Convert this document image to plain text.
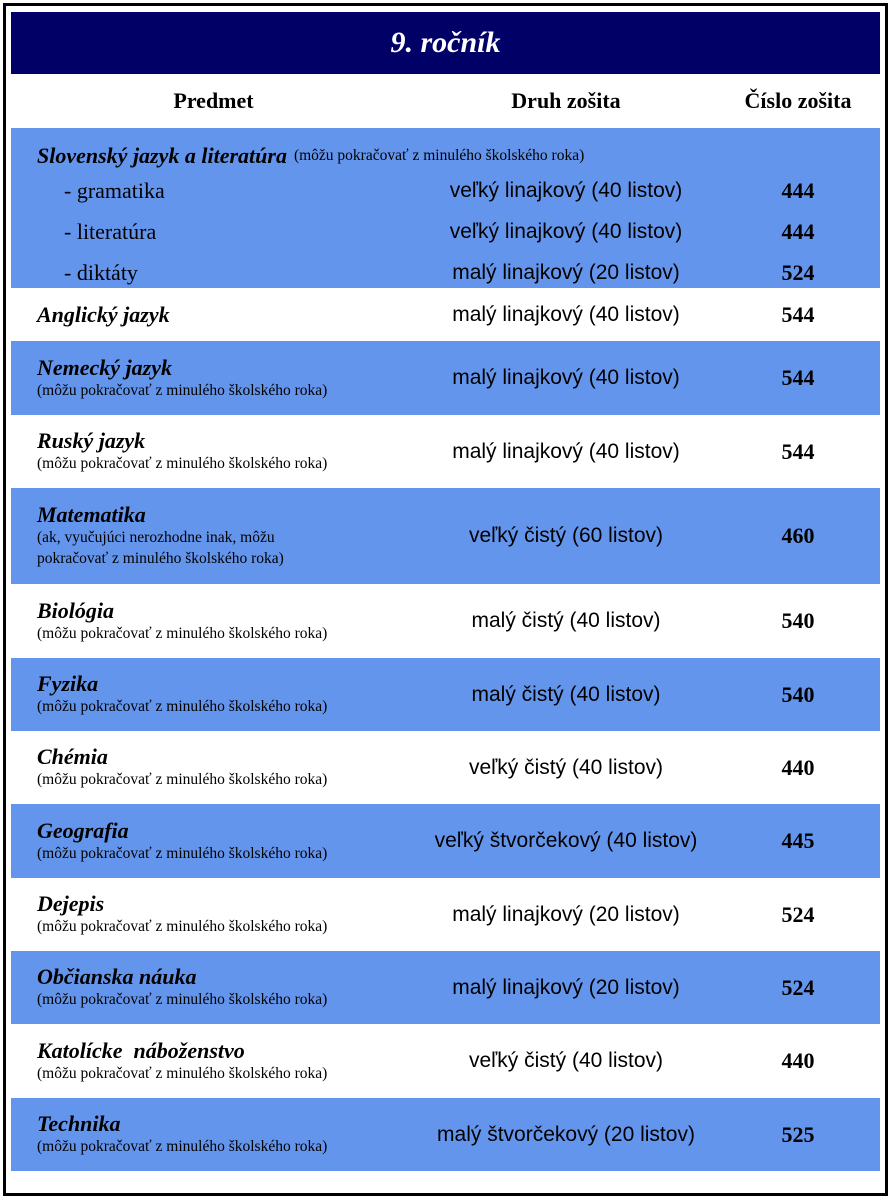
9. ročník
Predmet	Druh zošita	Číslo zošita
Slovenský jazyk a literatúra (môžu pokračovať z minulého školského roka)
- gramatika	veľký linajkový (40 listov)	444
- literatúra	veľký linajkový (40 listov)	444
- diktáty	malý linajkový (20 listov)	524
Anglický jazyk	malý linajkový (40 listov)	544
Nemecký jazyk
(môžu pokračovať z minulého školského roka)
malý linajkový (40 listov)	544
Ruský jazyk
(môžu pokračovať z minulého školského roka)
malý linajkový (40 listov)	544
Matematika
(ak, vyučujúci nerozhodne inak, môžu pokračovať z minulého školského roka)
veľký čistý (60 listov)	460
Biológia
(môžu pokračovať z minulého školského roka)
malý čistý (40 listov)	540
Fyzika
(môžu pokračovať z minulého školského roka)
malý čistý (40 listov)	540
Chémia
(môžu pokračovať z minulého školského roka)
veľký čistý (40 listov)	440
Geografia
(môžu pokračovať z minulého školského roka)
veľký štvorčekový (40 listov)	445
Dejepis
(môžu pokračovať z minulého školského roka)
malý linajkový (20 listov)	524
Občianska náuka
(môžu pokračovať z minulého školského roka)
malý linajkový (20 listov)	524
Katolícke  náboženstvo
(môžu pokračovať z minulého školského roka)
veľký čistý (40 listov)	440
Technika
(môžu pokračovať z minulého školského roka)
malý štvorčekový (20 listov)	525
